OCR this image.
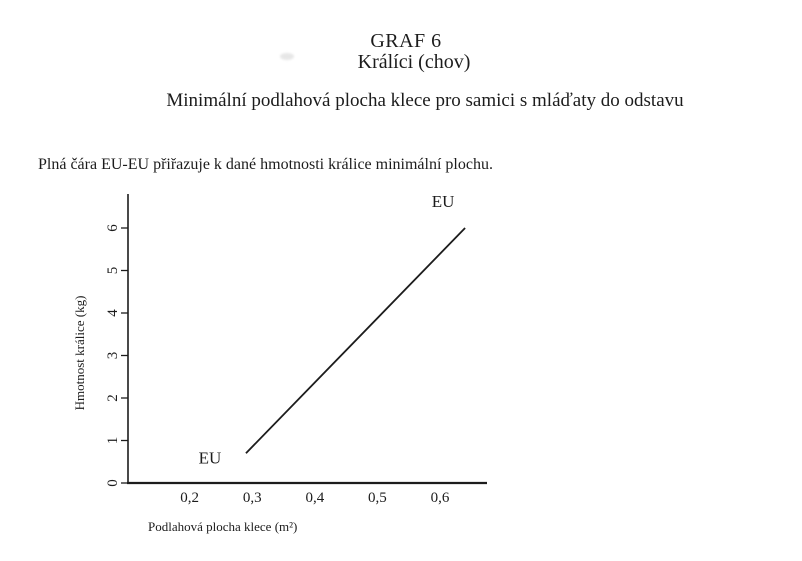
GRAF 6
Králíci (chov)
Minimální podlahová plocha klece pro samici s mláďaty do odstavu
Plná čára EU-EU přiřazuje k dané hmotnosti králice minimální plochu.
0
1
2
3
4
5
6
0,2	0,3	0,4	0,5	0,6
EU
EU
Hmotnost králice (kg)
Podlahová plocha klece (m²)
